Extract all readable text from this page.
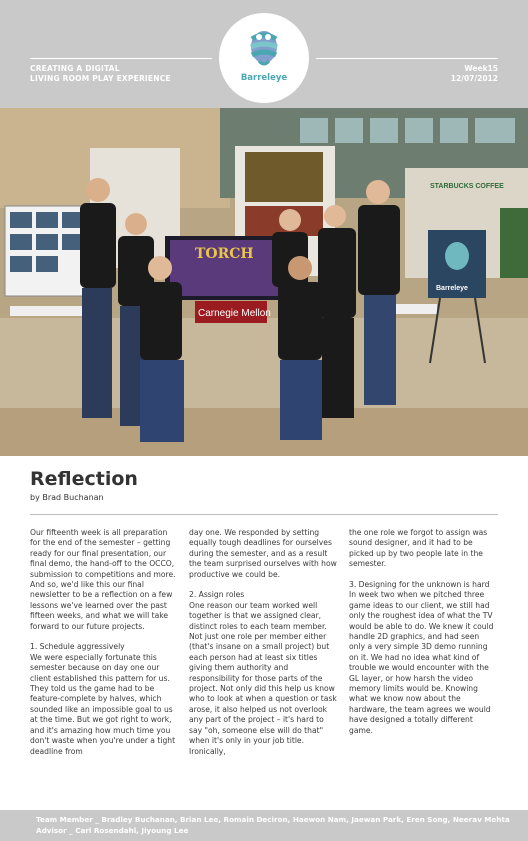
CREATING A DIGITAL
LIVING ROOM PLAY EXPERIENCE
Week15
12/07/2012
Barreleye
STARBUCKS COFFEE
TORCH
Carnegie Mellon
Barreleye
Reflection
by Brad Buchanan

Our fifteenth week is all preparation for the end of the semester – getting ready for our final presentation, our final demo, the hand-off to the OCCO, submission to competitions and more. And so, we'd like this our final newsletter to be a reflection on a few lessons we've learned over the past fifteen weeks, and what we will take forward to our future projects.

1. Schedule aggressively

We were especially fortunate this semester because on day one our client established this pattern for us. They told us the game had to be feature-complete by halves, which sounded like an impossible goal to us at the time. But we got right to work, and it's amazing how much time you don't waste when you're under a tight deadline from

day one. We responded by setting equally tough deadlines for ourselves during the semester, and as a result the team surprised ourselves with how productive we could be.

2. Assign roles

One reason our team worked well together is that we assigned clear, distinct roles to each team member. Not just one role per member either (that's insane on a small project) but each person had at least six titles giving them authority and responsibility for those parts of the project. Not only did this help us know who to look at when a question or task arose, it also helped us not overlook any part of the project – it's hard to say "oh, someone else will do that" when it's only in your job title. Ironically,

the one role we forgot to assign was sound designer, and it had to be picked up by two people late in the semester.

3. Designing for the unknown is hard

In week two when we pitched three game ideas to our client, we still had only the roughest idea of what the TV would be able to do. We knew it could handle 2D graphics, and had seen only a very simple 3D demo running on it. We had no idea what kind of trouble we would encounter with the GL layer, or how harsh the video memory limits would be. Knowing what we know now about the hardware, the team agrees we would have designed a totally different game.

Team Member _ Bradley Buchanan, Brian Lee, Romain Deciron, Haewon Nam, Jaewan Park, Eren Song, Neerav Mehta
Advisor _ Carl Rosendahl, Jiyoung Lee
